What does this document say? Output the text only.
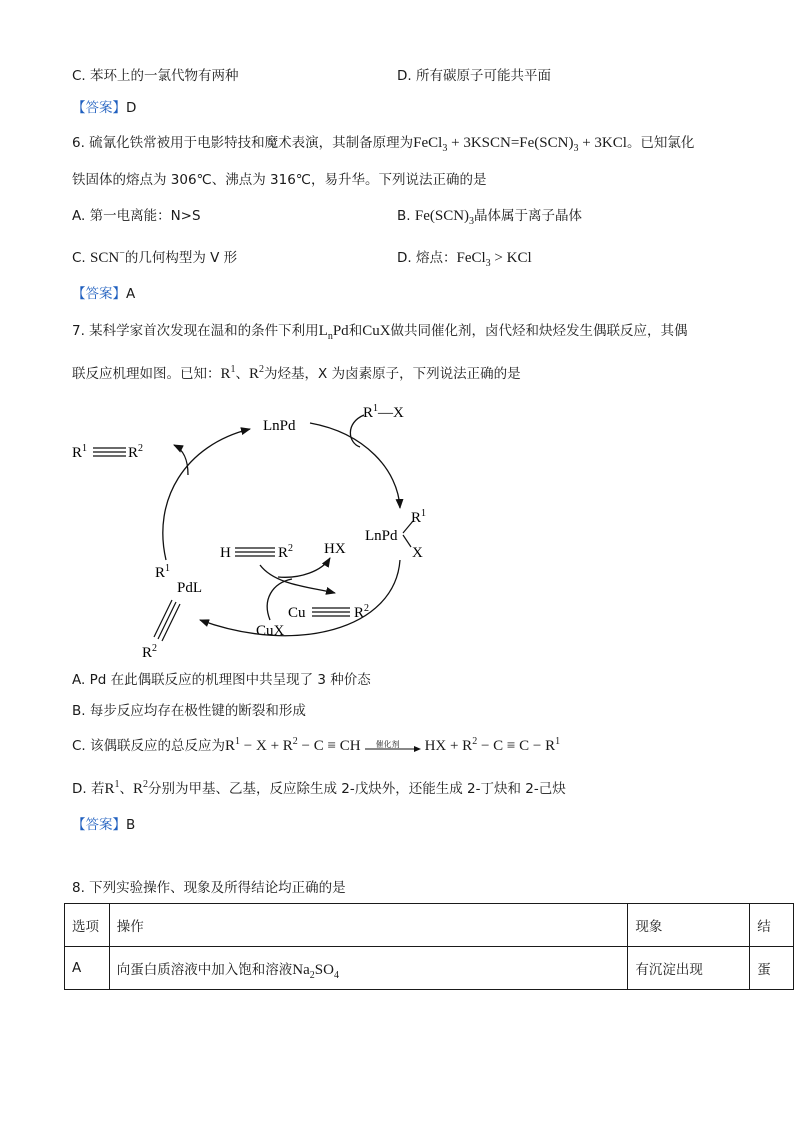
C. 苯环上的一氯代物有两种	D. 所有碳原子可能共平面
【答案】D
6. 硫氰化铁常被用于电影特技和魔术表演，其制备原理为FeCl$_3$ + $3KSCN=Fe(SCN)_3 + 3KCl$。已知氯化
铁固体的熔点为 306℃、沸点为 316℃，易升华。下列说法正确的是
A. 第一电离能：N>S	B. $Fe(SCN)_3$晶体属于离子晶体
C. SCN−的几何构型为 V 形	D. 熔点：FeCl$_3$ > KCl
【答案】A
7. 某科学家首次发现在温和的条件下利用$L_nPd$和CuX做共同催化剂，卤代烃和炔烃发生偶联反应，其偶
联反应机理如图。已知：$R^1$、$R^2$为烃基，X 为卤素原子，下列说法正确的是
$R^1$	$R^2$
LnPd
$R^1—X$
LnPd
$R^1$
X
H	$R^2$ HX
Cu	$R^2$
CuX
$R^1$
PdL
$R^2$
A. Pd 在此偶联反应的机理图中共呈现了 3 种价态
B. 每步反应均存在极性键的断裂和形成
C. 该偶联反应的总反应为$R^1 - X + R^2 - C$ ≡ CH 催化剂 HX + $R^2 - C \equiv C - R^1$
D. 若$R^1$、$R^2$分别为甲基、乙基，反应除生成 2-戊炔外，还能生成 2-丁炔和 2-己炔
【答案】B
8. 下列实验操作、现象及所得结论均正确的是
选项	操作	现象	结
A	向蛋白质溶液中加入饱和溶液$Na_2SO_4$	有沉淀出现	蛋
